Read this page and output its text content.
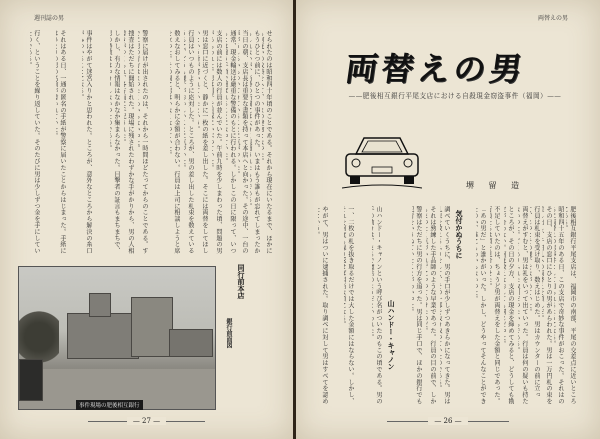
週刊誌の男
せられたのは昭和四十年頃のことである。それから現在にいたるまで、ほかに
もうひとつ前に、ひとつの事件があった。いまはもう誰もが忘れてしまったか
当日の朝、支店長は重要な書類を持って本店へと向かった。その途中、一台の
通常、現金輸送は厳重な警備のもとに行われる。しかしこの日に限って、いつ
支店の前には数人の行員が並んでいた。午前九時を少しまわった頃、問題の男
男は窓口に近づくと、静かに一枚の紙を差し出した。そこには両替をしてほし
行員はいつものように応対した。ところが、男の差し出した札束を数えている
数えなおしてみると、明らかに金額が合わない。行員は上司に相談しようと席
警察に届けが出されたのは、それから一時間ほどたってからのことである。す
捜査はただちに開始された。現場に残されたわずかな手がかりから、男の人相
しかし、有力な情報はなかなか集まらなかった。目撃者の証言もまちまちで、
事件はやがて迷宮入りかと思われた。ところが、意外なところから解決の糸口
それはある日、一通の匿名の手紙が警察に届いたことからはじまった。手紙に
行く、ということを繰り返していた。そのたびに男は少しずつ金を手にしてい
事件現場の肥後相互銀行
銀行前面図
同行前本店
— 27 —
両替えの男
— 26 —
両替えの男
——肥後相互銀行平尾支店における自殺現金窃盗事件（福岡）——
堺 留 造
肥後相互銀行平尾支店は、福岡市の南部、平尾の交差点に近いところ
昭和四十五年のある日、この支店で奇妙な事件がおこった。それはの
その日、支店の窓口にひとりの男があらわれた。男は一万円札の束を
行員は札束を受け取り、数えはじめた。男はカウンターの前に立っ
両替えがすむと、男は礼をいって出ていった。行員は何の疑いも持た
ところが、その日の夕方、支店の現金を締めてみると、どうしても勘
不足していたのは、ちょうど男が両替えをした金額と同じであった。
「あの男だ」と誰かがいった。しかし、どうやってそんなことができ
調べていくうちに、男の手口が少しずつあきらかになってきた。男は
それは熟練した手品師のような早業であった。行員の目の前で、しか
警察はただちに男の行方を追った。男は同じ手口で、ほかの銀行でも
山ハンドー・キャノンという呼び名がついたのもこの頃である。男の
一、二枚の札を抜き取るだけでは大した金額にはならない。しかし、
やがて、男はついに逮捕された。取り調べに対して男はすべてを認め
気付かぬうちに
山ハンドー・キャノン
